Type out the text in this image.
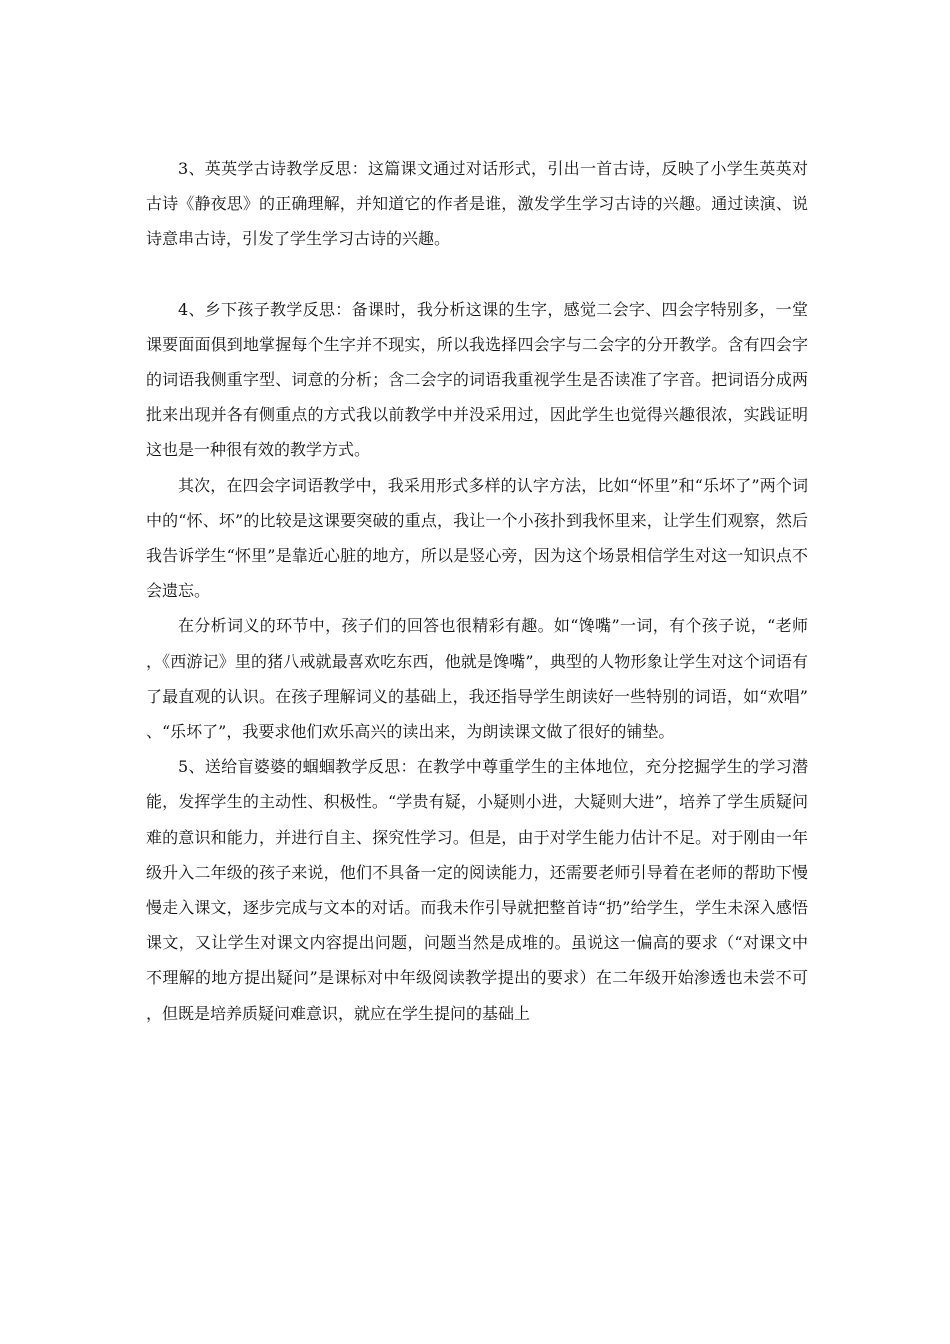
3、英英学古诗教学反思：这篇课文通过对话形式，引出一首古诗，反映了小学生英英对古诗《静夜思》的正确理解，并知道它的作者是谁，激发学生学习古诗的兴趣。通过读演、说诗意串古诗，引发了学生学习古诗的兴趣。

4、乡下孩子教学反思：备课时，我分析这课的生字，感觉二会字、四会字特别多，一堂课要面面俱到地掌握每个生字并不现实，所以我选择四会字与二会字的分开教学。含有四会字的词语我侧重字型、词意的分析；含二会字的词语我重视学生是否读准了字音。把词语分成两批来出现并各有侧重点的方式我以前教学中并没采用过，因此学生也觉得兴趣很浓，实践证明这也是一种很有效的教学方式。

其次，在四会字词语教学中，我采用形式多样的认字方法，比如“怀里”和“乐坏了”两个词中的“怀、坏”的比较是这课要突破的重点，我让一个小孩扑到我怀里来，让学生们观察，然后我告诉学生“怀里”是靠近心脏的地方，所以是竖心旁，因为这个场景相信学生对这一知识点不会遗忘。

在分析词义的环节中，孩子们的回答也很精彩有趣。如“馋嘴”一词，有个孩子说，“老师，《西游记》里的猪八戒就最喜欢吃东西，他就是馋嘴”，典型的人物形象让学生对这个词语有了最直观的认识。在孩子理解词义的基础上，我还指导学生朗读好一些特别的词语，如“欢唱”、“乐坏了”，我要求他们欢乐高兴的读出来，为朗读课文做了很好的铺垫。

5、送给盲婆婆的蝈蝈教学反思：在教学中尊重学生的主体地位，充分挖掘学生的学习潜能，发挥学生的主动性、积极性。“学贵有疑，小疑则小进，大疑则大进”，培养了学生质疑问难的意识和能力，并进行自主、探究性学习。但是，由于对学生能力估计不足。对于刚由一年级升入二年级的孩子来说，他们不具备一定的阅读能力，还需要老师引导着在老师的帮助下慢慢走入课文，逐步完成与文本的对话。而我未作引导就把整首诗“扔”给学生，学生未深入感悟课文，又让学生对课文内容提出问题，问题当然是成堆的。虽说这一偏高的要求（“对课文中不理解的地方提出疑问”是课标对中年级阅读教学提出的要求）在二年级开始渗透也未尝不可，但既是培养质疑问难意识，就应在学生提问的基础上
